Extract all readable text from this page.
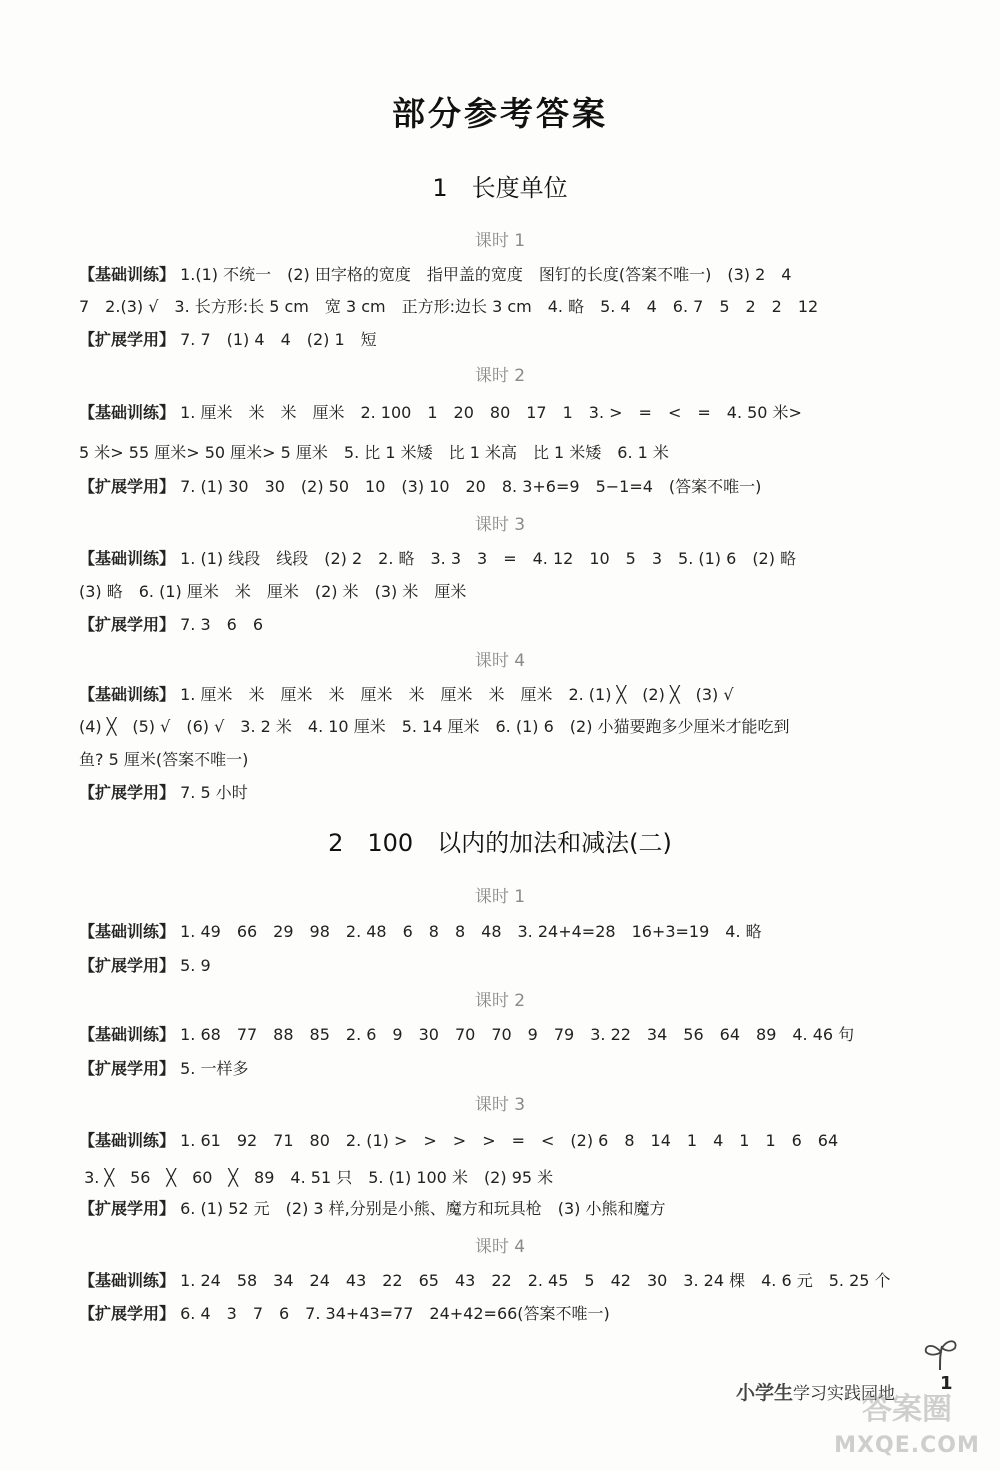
部分参考答案
1　长度单位
2　100　以内的加法和减法(二)
课时 1
课时 2
课时 3
课时 4
课时 1
课时 2
课时 3
课时 4
【基础训练】 1.(1) 不统一　(2) 田字格的宽度　指甲盖的宽度　图钉的长度(答案不唯一)　(3) 2　4
7　2.(3) √　3. 长方形:长 5 cm　宽 3 cm　正方形:边长 3 cm　4. 略　5. 4　4　6. 7　5　2　2　12
【扩展学用】 7. 7　(1) 4　4　(2) 1　短
【基础训练】 1. 厘米　米　米　厘米　2. 100　1　20　80　17　1　3. >　=　<　=　4. 50 米>
5 米> 55 厘米> 50 厘米> 5 厘米　5. 比 1 米矮　比 1 米高　比 1 米矮　6. 1 米
【扩展学用】 7. (1) 30　30　(2) 50　10　(3) 10　20　8. 3+6=9　5−1=4　(答案不唯一)
【基础训练】 1. (1) 线段　线段　(2) 2　2. 略　3. 3　3　=　4. 12　10　5　3　5. (1) 6　(2) 略
(3) 略　6. (1) 厘米　米　厘米　(2) 米　(3) 米　厘米
【扩展学用】 7. 3　6　6
【基础训练】 1. 厘米　米　厘米　米　厘米　米　厘米　米　厘米　2. (1) ╳　(2) ╳　(3) √
(4) ╳　(5) √　(6) √　3. 2 米　4. 10 厘米　5. 14 厘米　6. (1) 6　(2) 小猫要跑多少厘米才能吃到
鱼? 5 厘米(答案不唯一)
【扩展学用】 7. 5 小时
【基础训练】 1. 49　66　29　98　2. 48　6　8　8　48　3. 24+4=28　16+3=19　4. 略
【扩展学用】 5. 9
【基础训练】 1. 68　77　88　85　2. 6　9　30　70　70　9　79　3. 22　34　56　64　89　4. 46 句
【扩展学用】 5. 一样多
【基础训练】 1. 61　92　71　80　2. (1) >　>　>　>　=　<　(2) 6　8　14　1　4　1　1　6　64
3. ╳　56　╳　60　╳　89　4. 51 只　5. (1) 100 米　(2) 95 米
【扩展学用】 6. (1) 52 元　(2) 3 样,分别是小熊、魔方和玩具枪　(3) 小熊和魔方
【基础训练】 1. 24　58　34　24　43　22　65　43　22　2. 45　5　42　30　3. 24 棵　4. 6 元　5. 25 个
【扩展学用】 6. 4　3　7　6　7. 34+43=77　24+42=66(答案不唯一)
小学生学习实践园地 1
答案圈
MXQE.COM
